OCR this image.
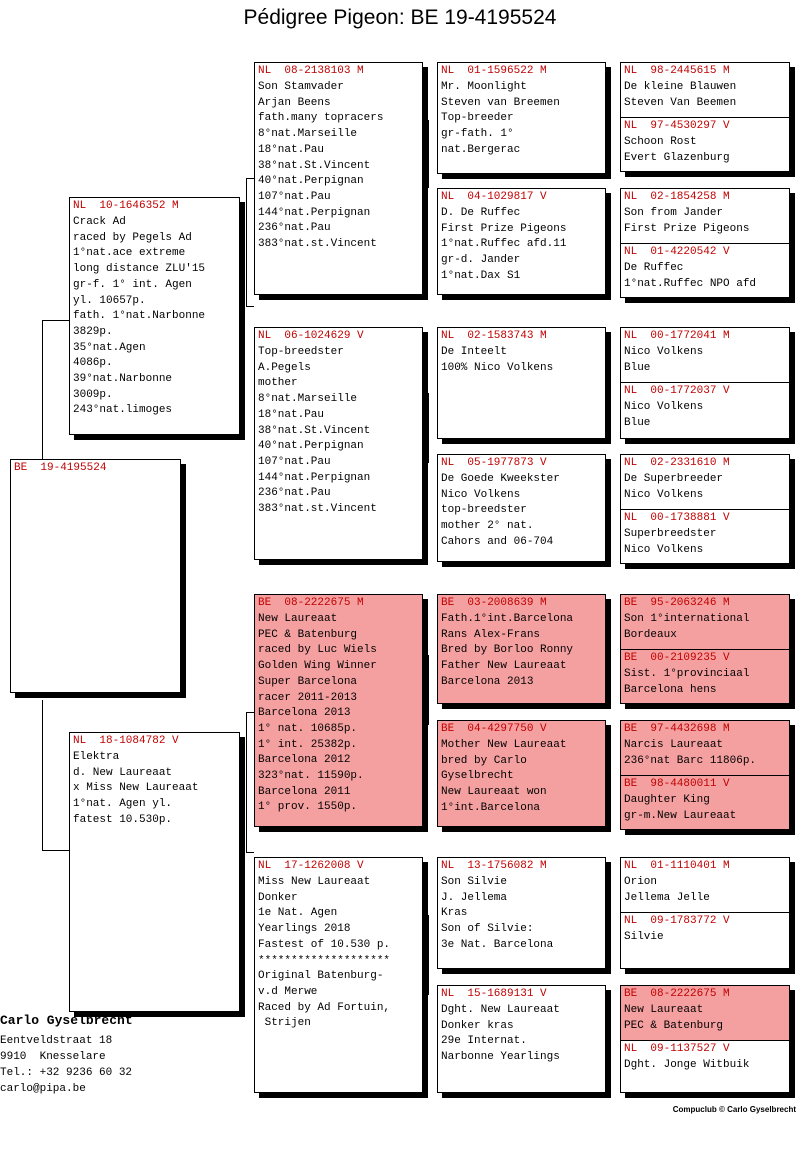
Pédigree Pigeon: BE 19-4195524
BE  19-4195524
NL  10-1646352 M
Crack Ad
raced by Pegels Ad
1°nat.ace extreme
long distance ZLU'15
gr-f. 1° int. Agen
yl. 10657p.
fath. 1°nat.Narbonne
3829p.
35°nat.Agen
4086p.
39°nat.Narbonne
3009p.
243°nat.limoges
NL  18-1084782 V
Elektra
d. New Laureaat
x Miss New Laureaat
1°nat. Agen yl.
fatest 10.530p.
NL  08-2138103 M
Son Stamvader
Arjan Beens
fath.many topracers
8°nat.Marseille
18°nat.Pau
38°nat.St.Vincent
40°nat.Perpignan
107°nat.Pau
144°nat.Perpignan
236°nat.Pau
383°nat.st.Vincent
NL  06-1024629 V
Top-breedster
A.Pegels
mother
8°nat.Marseille
18°nat.Pau
38°nat.St.Vincent
40°nat.Perpignan
107°nat.Pau
144°nat.Perpignan
236°nat.Pau
383°nat.st.Vincent
BE  08-2222675 M
New Laureaat
PEC & Batenburg
raced by Luc Wiels
Golden Wing Winner
Super Barcelona
racer 2011-2013
Barcelona 2013
1° nat. 10685p.
1° int. 25382p.
Barcelona 2012
323°nat. 11590p.
Barcelona 2011
1° prov. 1550p.
NL  17-1262008 V
Miss New Laureaat
Donker
1e Nat. Agen
Yearlings 2018
Fastest of 10.530 p.
********************
Original Batenburg-
v.d Merwe
Raced by Ad Fortuin,
Strijen
NL  01-1596522 M
Mr. Moonlight
Steven van Breemen
Top-breeder
gr-fath. 1°
nat.Bergerac
NL  04-1029817 V
D. De Ruffec
First Prize Pigeons
1°nat.Ruffec afd.11
gr-d. Jander
1°nat.Dax S1
NL  02-1583743 M
De Inteelt
100% Nico Volkens
NL  05-1977873 V
De Goede Kweekster
Nico Volkens
top-breedster
mother 2° nat.
Cahors and 06-704
BE  03-2008639 M
Fath.1°int.Barcelona
Rans Alex-Frans
Bred by Borloo Ronny
Father New Laureaat
Barcelona 2013
BE  04-4297750 V
Mother New Laureaat
bred by Carlo
Gyselbrecht
New Laureaat won
1°int.Barcelona
NL  13-1756082 M
Son Silvie
J. Jellema
Kras
Son of Silvie:
3e Nat. Barcelona
NL  15-1689131 V
Dght. New Laureaat
Donker kras
29e Internat.
Narbonne Yearlings
NL  98-2445615 M
De kleine Blauwen
Steven Van Beemen
NL  97-4530297 V
Schoon Rost
Evert Glazenburg
NL  02-1854258 M
Son from Jander
First Prize Pigeons
NL  01-4220542 V
De Ruffec
1°nat.Ruffec NPO afd
NL  00-1772041 M
Nico Volkens
Blue
NL  00-1772037 V
Nico Volkens
Blue
NL  02-2331610 M
De Superbreeder
Nico Volkens
NL  00-1738881 V
Superbreedster
Nico Volkens
BE  95-2063246 M
Son 1°international
Bordeaux
BE  00-2109235 V
Sist. 1°provinciaal
Barcelona hens
BE  97-4432698 M
Narcis Laureaat
236°nat Barc 11806p.
BE  98-4480011 V
Daughter King
gr-m.New Laureaat
NL  01-1110401 M
Orion
Jellema Jelle
NL  09-1783772 V
Silvie
BE  08-2222675 M
New Laureaat
PEC & Batenburg
NL  09-1137527 V
Dght. Jonge Witbuik
Carlo Gyselbrecht
Eentveldstraat 18
9910  Knesselare
Tel.: +32 9236 60 32
carlo@pipa.be
Compuclub © Carlo Gyselbrecht
